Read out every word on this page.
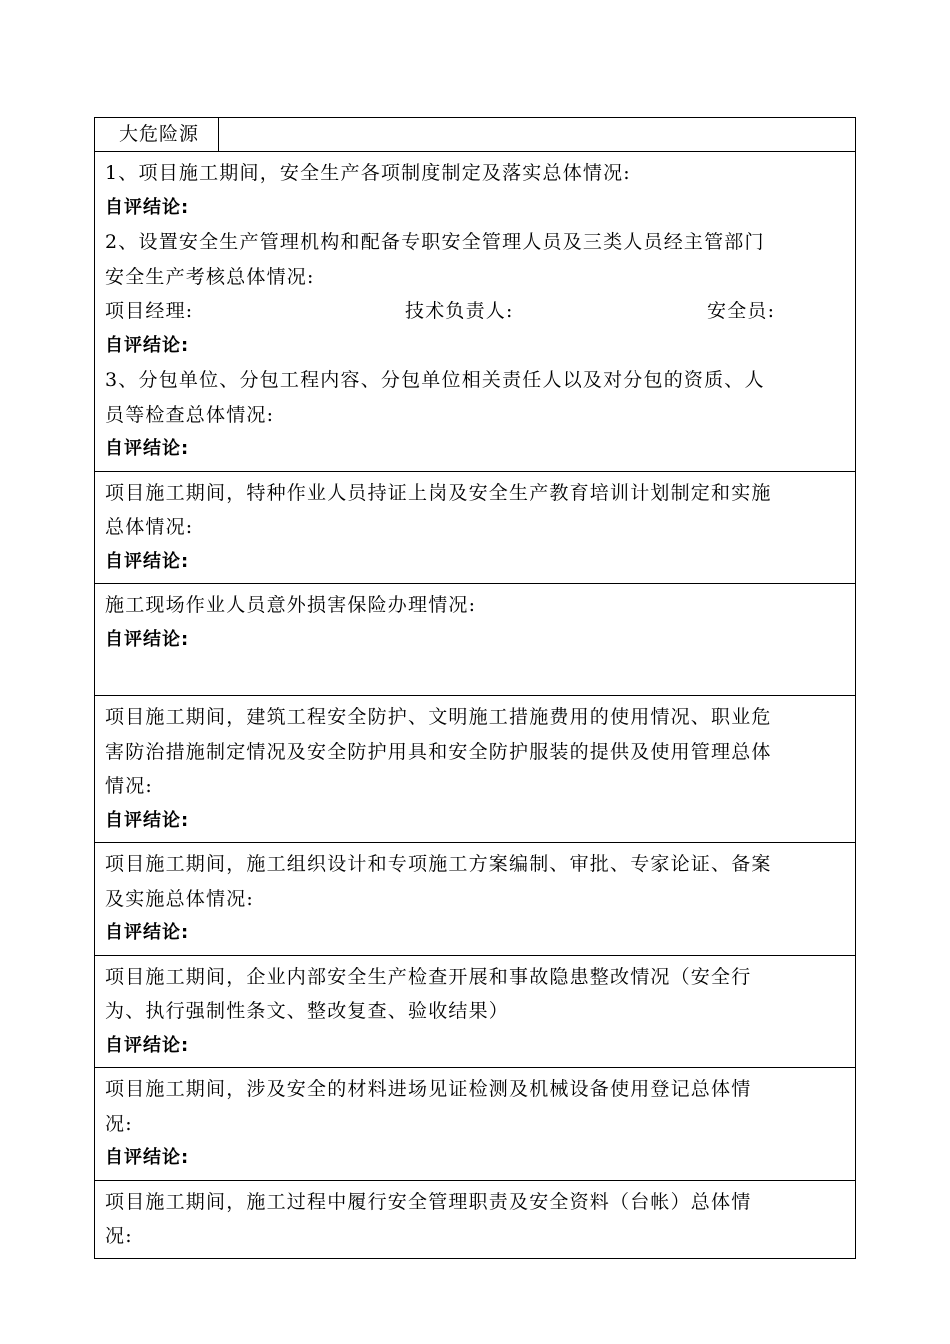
大危险源
1、项目施工期间，安全生产各项制度制定及落实总体情况:
自评结论:
2、设置安全生产管理机构和配备专职安全管理人员及三类人员经主管部门
安全生产考核总体情况:
项目经理:	技术负责人:	安全员:
自评结论:
3、分包单位、分包工程内容、分包单位相关责任人以及对分包的资质、人
员等检查总体情况:
自评结论:
项目施工期间，特种作业人员持证上岗及安全生产教育培训计划制定和实施
总体情况:
自评结论:
施工现场作业人员意外损害保险办理情况:
自评结论:
项目施工期间，建筑工程安全防护、文明施工措施费用的使用情况、职业危
害防治措施制定情况及安全防护用具和安全防护服装的提供及使用管理总体
情况:
自评结论:
项目施工期间，施工组织设计和专项施工方案编制、审批、专家论证、备案
及实施总体情况:
自评结论:
项目施工期间，企业内部安全生产检查开展和事故隐患整改情况（安全行
为、执行强制性条文、整改复查、验收结果）
自评结论:
项目施工期间，涉及安全的材料进场见证检测及机械设备使用登记总体情
况:
自评结论:
项目施工期间，施工过程中履行安全管理职责及安全资料（台帐）总体情
况:
